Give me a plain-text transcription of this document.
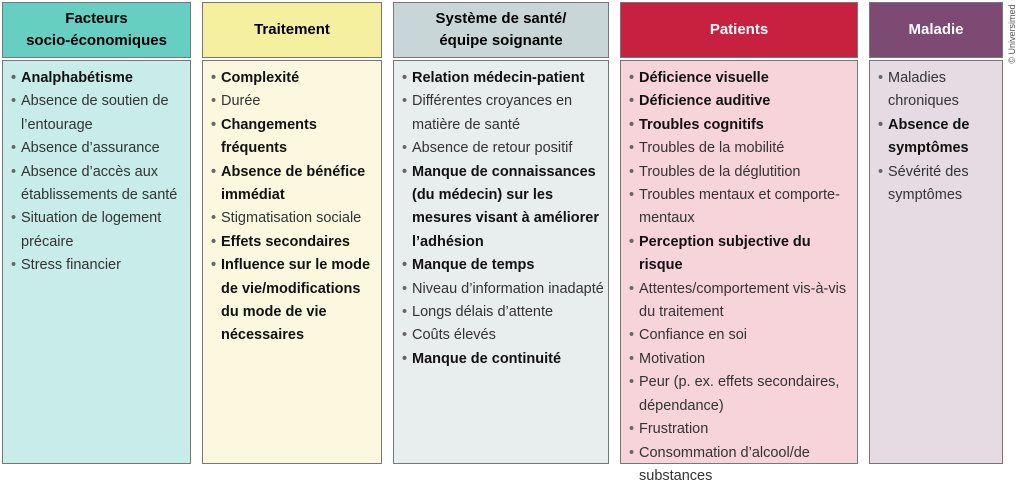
Facteurs
socio-économiques
• Analphabétisme
• Absence de soutien de l’entourage
• Absence d’assurance
• Absence d’accès aux établissements de santé
• Situation de logement précaire
• Stress financier
Traitement
• Complexité
• Durée
• Changements fréquents
• Absence de bénéfice immédiat
• Stigmatisation sociale
• Effets secondaires
• Influence sur le mode de vie/modifications du mode de vie nécessaires
Système de santé/
équipe soignante
• Relation médecin-patient
• Différentes croyances en matière de santé
• Absence de retour positif
• Manque de connaissances (du médecin) sur les mesures visant à améliorer l’adhésion
• Manque de temps
• Niveau d’information inadapté
• Longs délais d’attente
• Coûts élevés
• Manque de continuité
Patients
• Déficience visuelle
• Déficience auditive
• Troubles cognitifs
• Troubles de la mobilité
• Troubles de la déglutition
• Troubles mentaux et comporte-mentaux
• Perception subjective du risque
• Attentes/comportement vis-à-vis du traitement
• Confiance en soi
• Motivation
• Peur (p. ex. effets secondaires, dépendance)
• Frustration
• Consommation d’alcool/de substances
Maladie
• Maladies chroniques
• Absence de symptômes
• Sévérité des symptômes
© Universimed
